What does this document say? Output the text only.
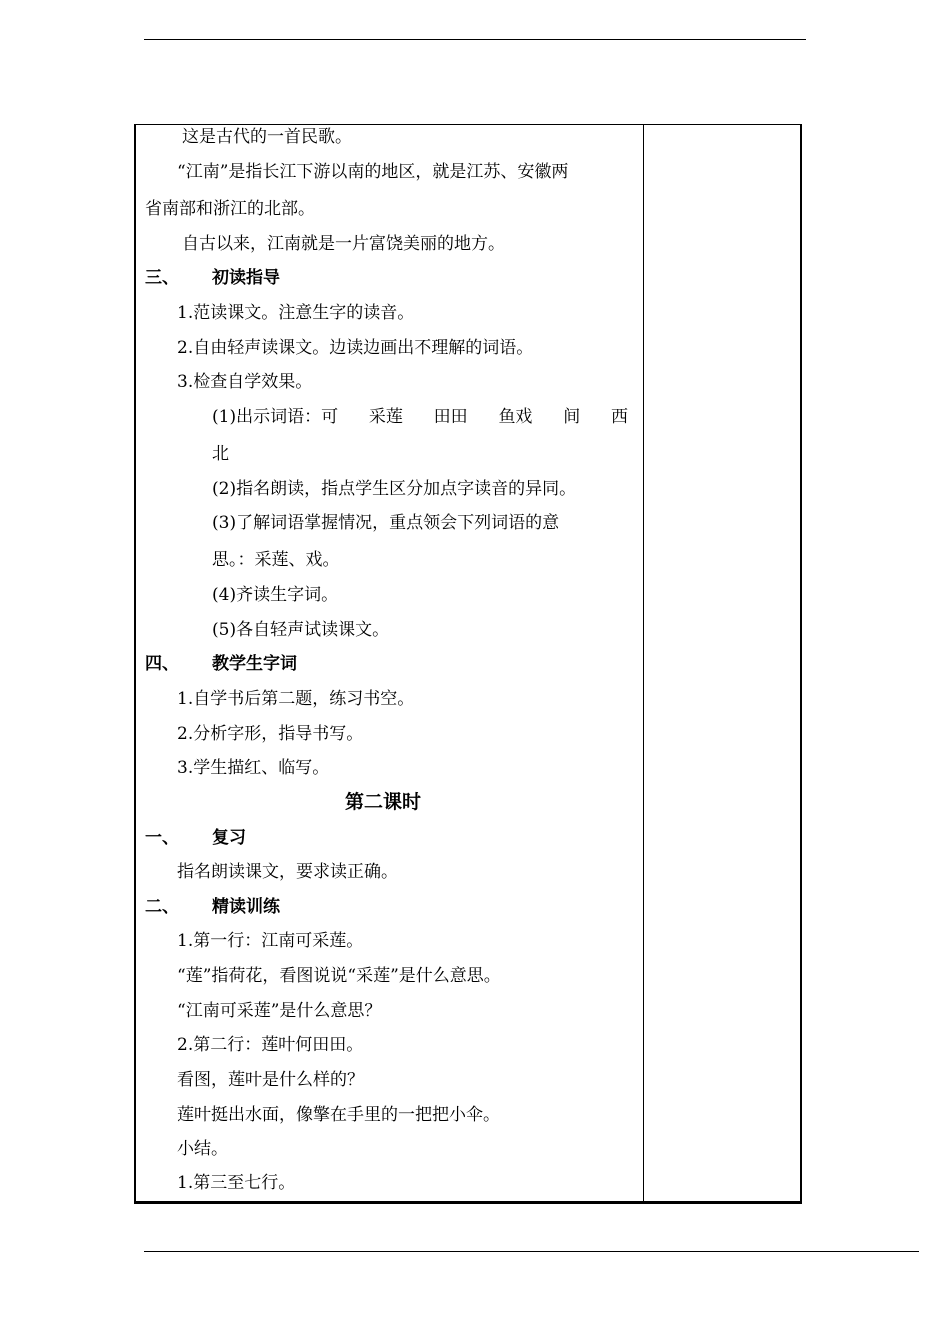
这是古代的一首民歌。
“江南”是指长江下游以南的地区，就是江苏、安徽两
省南部和浙江的北部。
自古以来，江南就是一片富饶美丽的地方。
三、 初读指导
1.范读课文。注意生字的读音。
2.自由轻声读课文。边读边画出不理解的词语。
3.检查自学效果。
(1)出示词语：可 采莲 田田 鱼戏 间 西
北
(2)指名朗读，指点学生区分加点字读音的异同。
(3)了解词语掌握情况，重点领会下列词语的意
思。：采莲、戏。
(4)齐读生字词。
(5)各自轻声试读课文。
四、 教学生字词
1.自学书后第二题，练习书空。
2.分析字形，指导书写。
3.学生描红、临写。
第二课时
一、 复习
指名朗读课文，要求读正确。
二、 精读训练
1.第一行：江南可采莲。
“莲”指荷花，看图说说“采莲”是什么意思。
“江南可采莲”是什么意思？
2.第二行：莲叶何田田。
看图，莲叶是什么样的？
莲叶挺出水面，像擎在手里的一把把小伞。
小结。
1.第三至七行。
